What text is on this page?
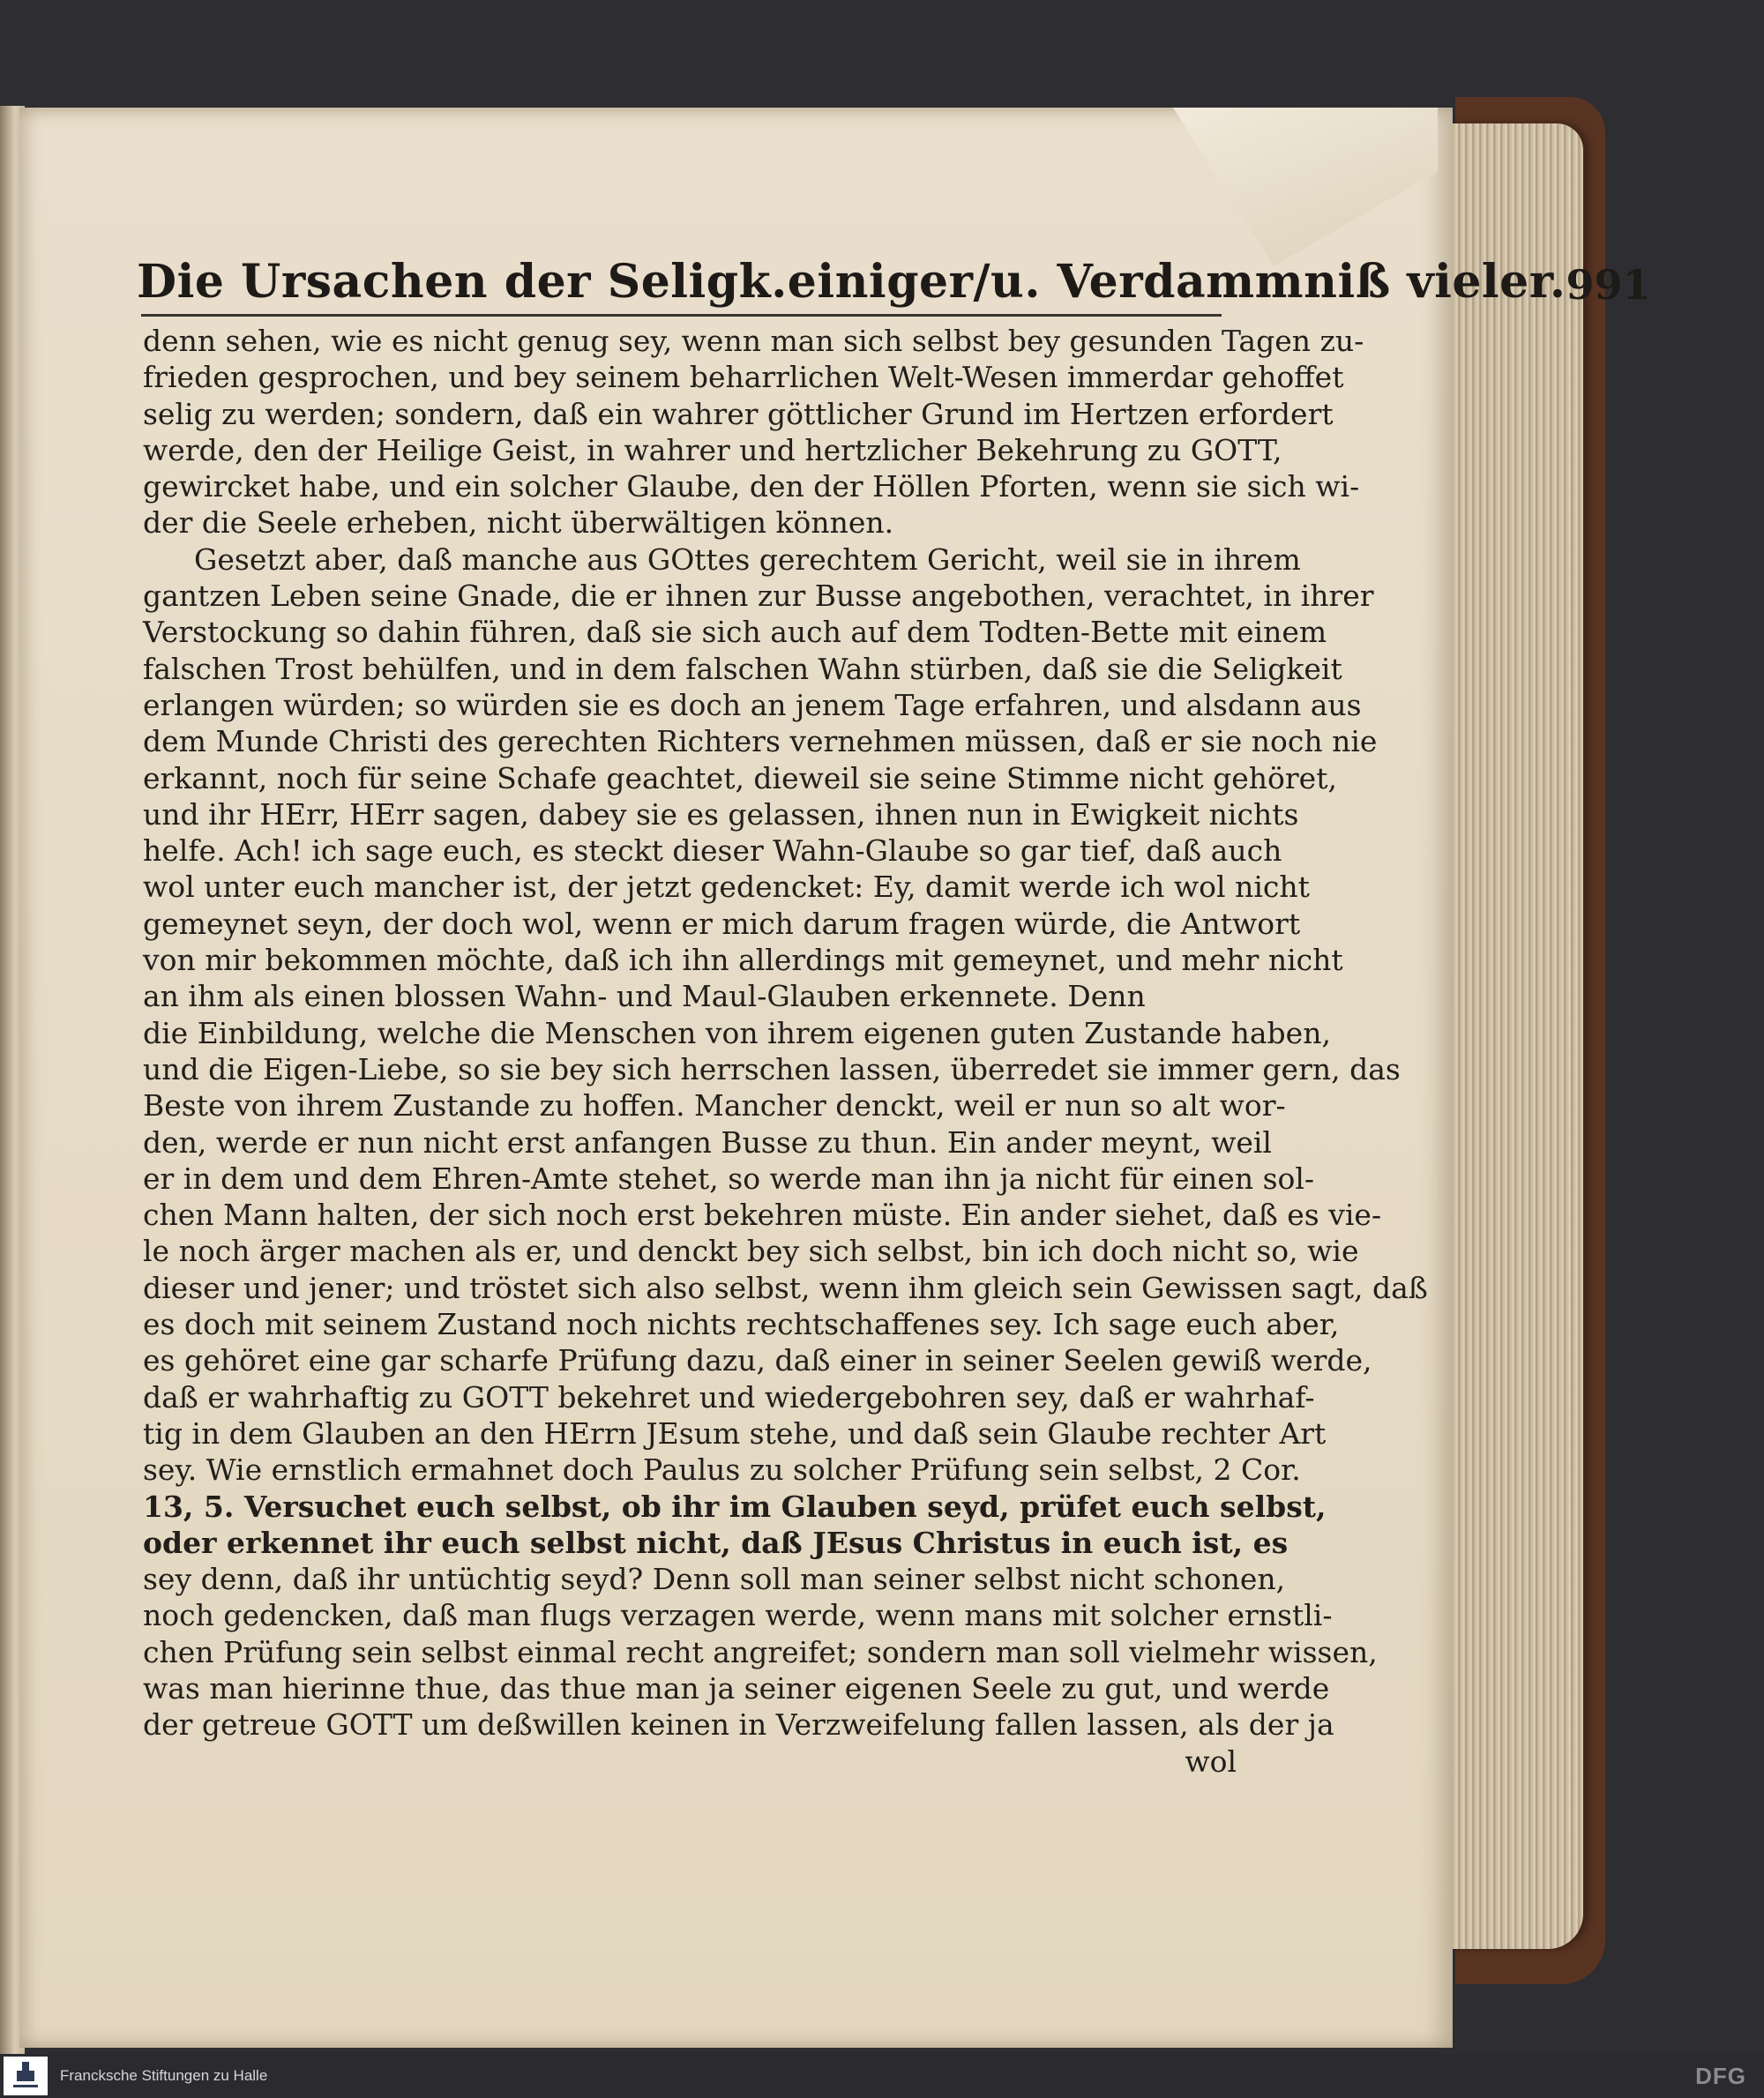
Die Ursachen der Seligk.einiger/u. Verdammniß vieler. 991
denn sehen, wie es nicht genug sey, wenn man sich selbst bey gesunden Tagen zu-
frieden gesprochen, und bey seinem beharrlichen Welt-Wesen immerdar gehoffet
selig zu werden; sondern, daß ein wahrer göttlicher Grund im Hertzen erfordert
werde, den der Heilige Geist, in wahrer und hertzlicher Bekehrung zu GOTT,
gewircket habe, und ein solcher Glaube, den der Höllen Pforten, wenn sie sich wi-
der die Seele erheben, nicht überwältigen können.
Gesetzt aber, daß manche aus GOttes gerechtem Gericht, weil sie in ihrem
gantzen Leben seine Gnade, die er ihnen zur Busse angebothen, verachtet, in ihrer
Verstockung so dahin führen, daß sie sich auch auf dem Todten-Bette mit einem
falschen Trost behülfen, und in dem falschen Wahn stürben, daß sie die Seligkeit
erlangen würden; so würden sie es doch an jenem Tage erfahren, und alsdann aus
dem Munde Christi des gerechten Richters vernehmen müssen, daß er sie noch nie
erkannt, noch für seine Schafe geachtet, dieweil sie seine Stimme nicht gehöret,
und ihr HErr, HErr sagen, dabey sie es gelassen, ihnen nun in Ewigkeit nichts
helfe. Ach! ich sage euch, es steckt dieser Wahn-Glaube so gar tief, daß auch
wol unter euch mancher ist, der jetzt gedencket: Ey, damit werde ich wol nicht
gemeynet seyn, der doch wol, wenn er mich darum fragen würde, die Antwort
von mir bekommen möchte, daß ich ihn allerdings mit gemeynet, und mehr nicht
an ihm als einen blossen Wahn- und Maul-Glauben erkennete. Denn
die Einbildung, welche die Menschen von ihrem eigenen guten Zustande haben,
und die Eigen-Liebe, so sie bey sich herrschen lassen, überredet sie immer gern, das
Beste von ihrem Zustande zu hoffen. Mancher denckt, weil er nun so alt wor-
den, werde er nun nicht erst anfangen Busse zu thun. Ein ander meynt, weil
er in dem und dem Ehren-Amte stehet, so werde man ihn ja nicht für einen sol-
chen Mann halten, der sich noch erst bekehren müste. Ein ander siehet, daß es vie-
le noch ärger machen als er, und denckt bey sich selbst, bin ich doch nicht so, wie
dieser und jener; und tröstet sich also selbst, wenn ihm gleich sein Gewissen sagt, daß
es doch mit seinem Zustand noch nichts rechtschaffenes sey. Ich sage euch aber,
es gehöret eine gar scharfe Prüfung dazu, daß einer in seiner Seelen gewiß werde,
daß er wahrhaftig zu GOTT bekehret und wiedergebohren sey, daß er wahrhaf-
tig in dem Glauben an den HErrn JEsum stehe, und daß sein Glaube rechter Art
sey. Wie ernstlich ermahnet doch Paulus zu solcher Prüfung sein selbst, 2 Cor.
13, 5. Versuchet euch selbst, ob ihr im Glauben seyd, prüfet euch selbst,
oder erkennet ihr euch selbst nicht, daß JEsus Christus in euch ist, es
sey denn, daß ihr untüchtig seyd? Denn soll man seiner selbst nicht schonen,
noch gedencken, daß man flugs verzagen werde, wenn mans mit solcher ernstli-
chen Prüfung sein selbst einmal recht angreifet; sondern man soll vielmehr wissen,
was man hierinne thue, das thue man ja seiner eigenen Seele zu gut, und werde
der getreue GOTT um deßwillen keinen in Verzweifelung fallen lassen, als der ja
wol
Francksche Stiftungen zu Halle	DFG
